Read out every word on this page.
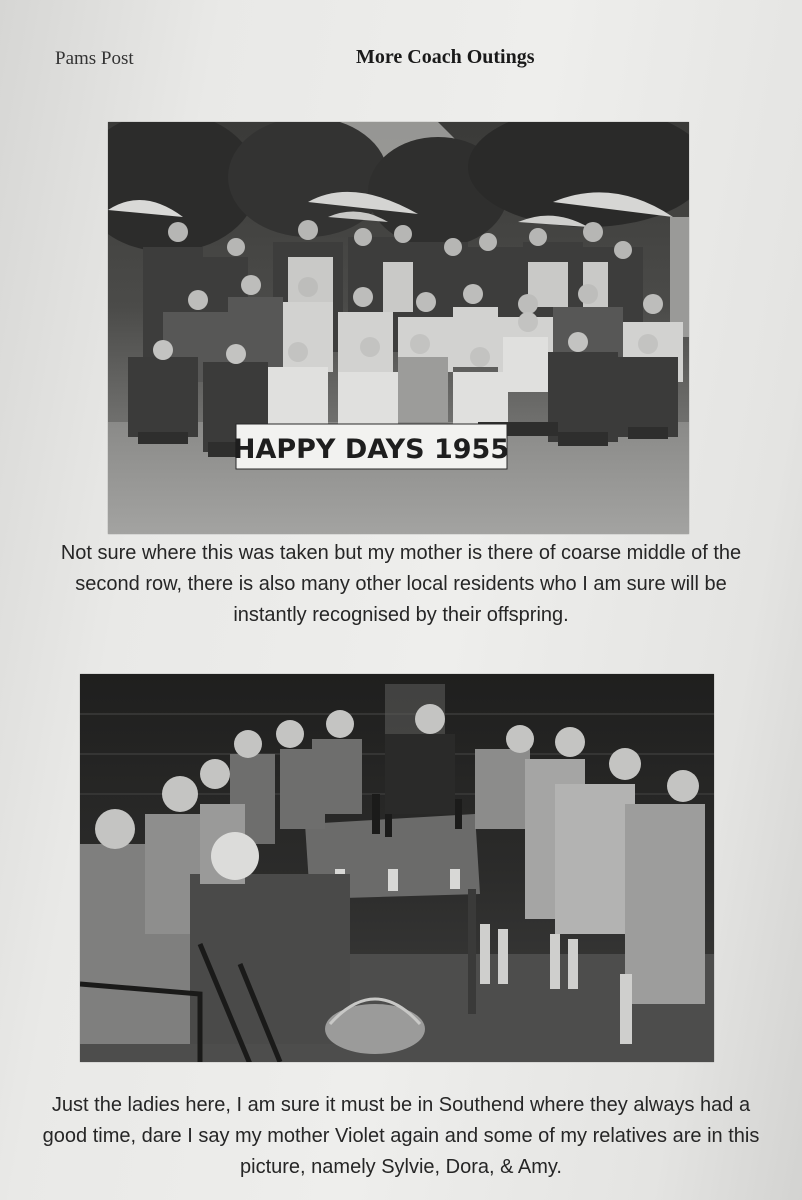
Pams Post	More Coach Outings
HAPPY DAYS 1955
Not sure where this was taken but my mother is there of coarse middle of the second row, there is also many other local residents who I am sure will be instantly recognised by their offspring.
Just the ladies here, I am sure it must be in Southend where they always had a good time, dare I say my mother Violet again and some of my relatives are in this picture, namely Sylvie, Dora, & Amy.
